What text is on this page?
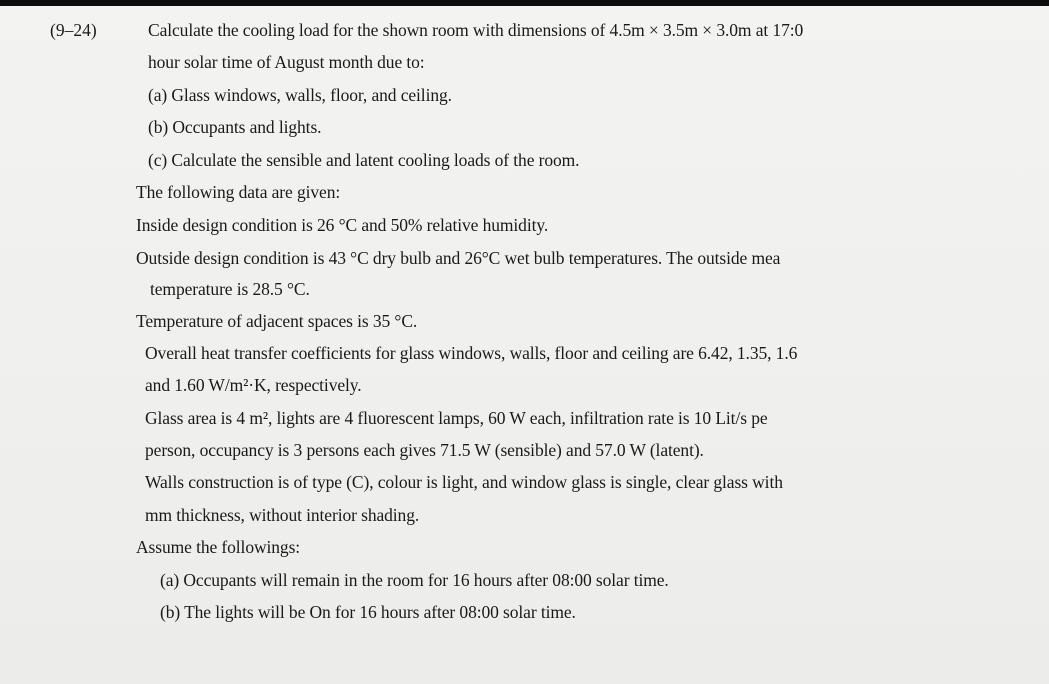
(9–24)	Calculate the cooling load for the shown room with dimensions of 4.5m × 3.5m × 3.0m at 17:0
hour solar time of August month due to:
(a) Glass windows, walls, floor, and ceiling.
(b) Occupants and lights.
(c) Calculate the sensible and latent cooling loads of the room.
The following data are given:
Inside design condition is 26 °C and 50% relative humidity.
Outside design condition is 43 °C dry bulb and 26°C wet bulb temperatures. The outside mea
temperature is 28.5 °C.
Temperature of adjacent spaces is 35 °C.
Overall heat transfer coefficients for glass windows, walls, floor and ceiling are 6.42, 1.35, 1.6
and 1.60 W/m²·K, respectively.
Glass area is 4 m², lights are 4 fluorescent lamps, 60 W each, infiltration rate is 10 Lit/s pe
person, occupancy is 3 persons each gives 71.5 W (sensible) and 57.0 W (latent).
Walls construction is of type (C), colour is light, and window glass is single, clear glass with
mm thickness, without interior shading.
Assume the followings:
(a) Occupants will remain in the room for 16 hours after 08:00 solar time.
(b) The lights will be On for 16 hours after 08:00 solar time.
